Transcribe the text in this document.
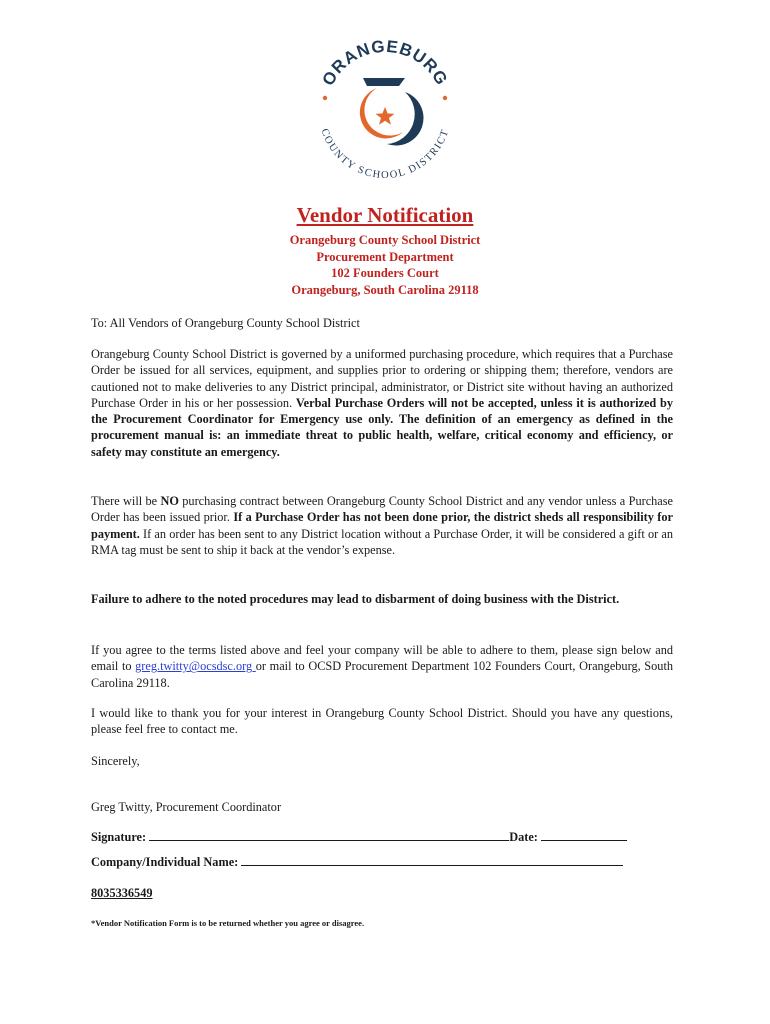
ORANGEBURG
COUNTY SCHOOL DISTRICT
Vendor Notification
Orangeburg County School District
Procurement Department
102 Founders Court
Orangeburg, South Carolina 29118
To: All Vendors of Orangeburg County School District
Orangeburg County School District is governed by a uniformed purchasing procedure, which requires that a Purchase Order be issued for all services, equipment, and supplies prior to ordering or shipping them; therefore, vendors are cautioned not to make deliveries to any District principal, administrator, or District site without having an authorized Purchase Order in his or her possession. Verbal Purchase Orders will not be accepted, unless it is authorized by the Procurement Coordinator for Emergency use only. The definition of an emergency as defined in the procurement manual is: an immediate threat to public health, welfare, critical economy and efficiency, or safety may constitute an emergency.
There will be NO purchasing contract between Orangeburg County School District and any vendor unless a Purchase Order has been issued prior. If a Purchase Order has not been done prior, the district sheds all responsibility for payment. If an order has been sent to any District location without a Purchase Order, it will be considered a gift or an RMA tag must be sent to ship it back at the vendor’s expense.
Failure to adhere to the noted procedures may lead to disbarment of doing business with the District.
If you agree to the terms listed above and feel your company will be able to adhere to them, please sign below and email to greg.twitty@ocsdsc.org or mail to OCSD Procurement Department 102 Founders Court, Orangeburg, South Carolina 29118.
I would like to thank you for your interest in Orangeburg County School District. Should you have any questions, please feel free to contact me.
Sincerely,
Greg Twitty, Procurement Coordinator
Signature:	Date:
Company/Individual Name:
8035336549
*Vendor Notification Form is to be returned whether you agree or disagree.
